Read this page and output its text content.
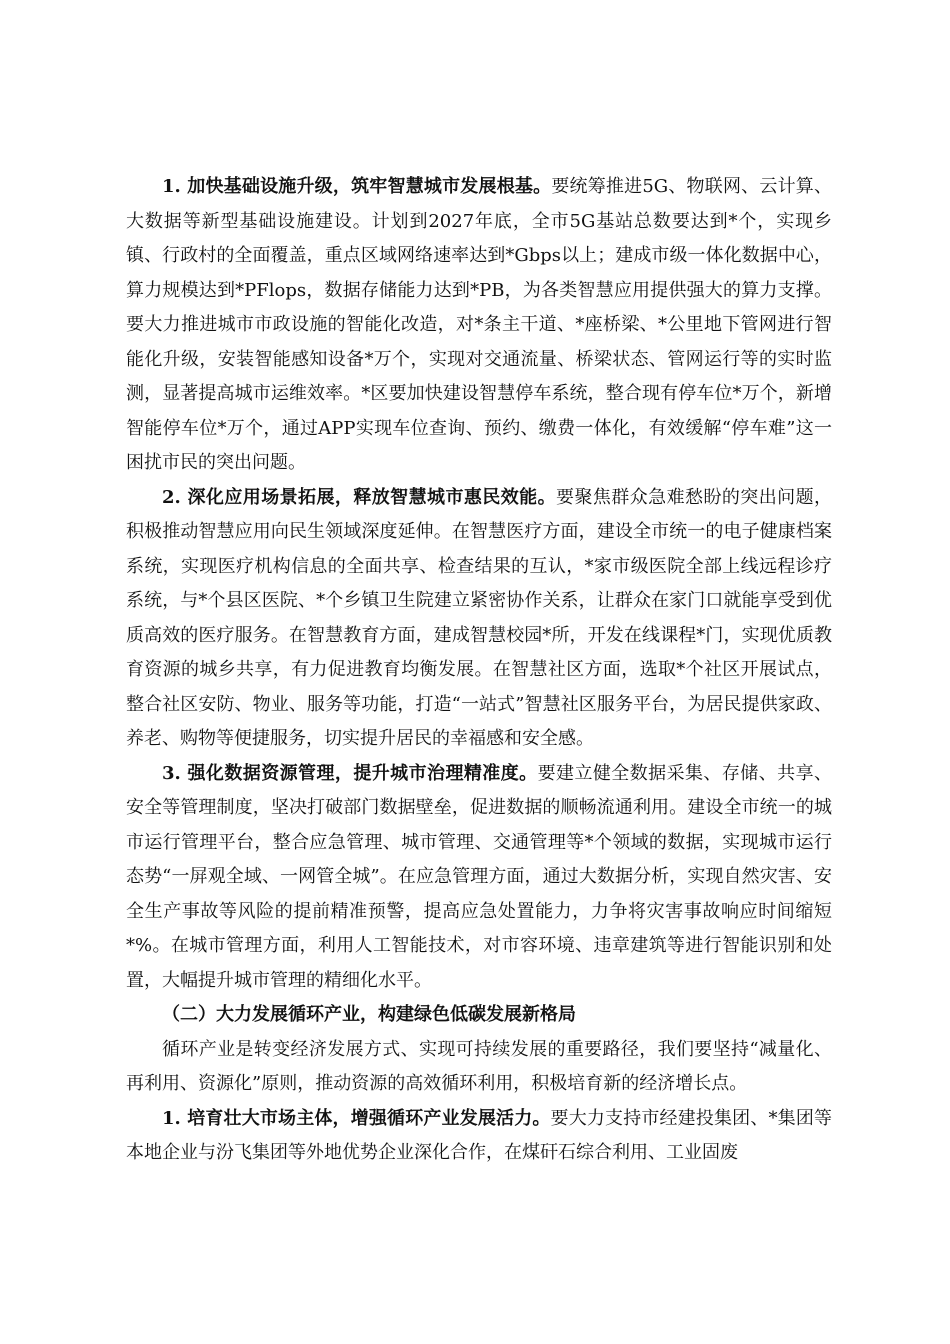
1. 加快基础设施升级，筑牢智慧城市发展根基。要统筹推进5G、物联网、云计算、大数据等新型基础设施建设。计划到2027年底，全市5G基站总数要达到*个，实现乡镇、行政村的全面覆盖，重点区域网络速率达到*Gbps以上；建成市级一体化数据中心，算力规模达到*PFlops，数据存储能力达到*PB，为各类智慧应用提供强大的算力支撑。要大力推进城市市政设施的智能化改造，对*条主干道、*座桥梁、*公里地下管网进行智能化升级，安装智能感知设备*万个，实现对交通流量、桥梁状态、管网运行等的实时监测，显著提高城市运维效率。*区要加快建设智慧停车系统，整合现有停车位*万个，新增智能停车位*万个，通过APP实现车位查询、预约、缴费一体化，有效缓解“停车难”这一困扰市民的突出问题。

2. 深化应用场景拓展，释放智慧城市惠民效能。要聚焦群众急难愁盼的突出问题，积极推动智慧应用向民生领域深度延伸。在智慧医疗方面，建设全市统一的电子健康档案系统，实现医疗机构信息的全面共享、检查结果的互认，*家市级医院全部上线远程诊疗系统，与*个县区医院、*个乡镇卫生院建立紧密协作关系，让群众在家门口就能享受到优质高效的医疗服务。在智慧教育方面，建成智慧校园*所，开发在线课程*门，实现优质教育资源的城乡共享，有力促进教育均衡发展。在智慧社区方面，选取*个社区开展试点，整合社区安防、物业、服务等功能，打造“一站式”智慧社区服务平台，为居民提供家政、养老、购物等便捷服务，切实提升居民的幸福感和安全感。

3. 强化数据资源管理，提升城市治理精准度。要建立健全数据采集、存储、共享、安全等管理制度，坚决打破部门数据壁垒，促进数据的顺畅流通利用。建设全市统一的城市运行管理平台，整合应急管理、城市管理、交通管理等*个领域的数据，实现城市运行态势“一屏观全域、一网管全城”。在应急管理方面，通过大数据分析，实现自然灾害、安全生产事故等风险的提前精准预警，提高应急处置能力，力争将灾害事故响应时间缩短*%。在城市管理方面，利用人工智能技术，对市容环境、违章建筑等进行智能识别和处置，大幅提升城市管理的精细化水平。

（二）大力发展循环产业，构建绿色低碳发展新格局

循环产业是转变经济发展方式、实现可持续发展的重要路径，我们要坚持“减量化、再利用、资源化”原则，推动资源的高效循环利用，积极培育新的经济增长点。

1. 培育壮大市场主体，增强循环产业发展活力。要大力支持市经建投集团、*集团等本地企业与汾飞集团等外地优势企业深化合作，在煤矸石综合利用、工业固废
